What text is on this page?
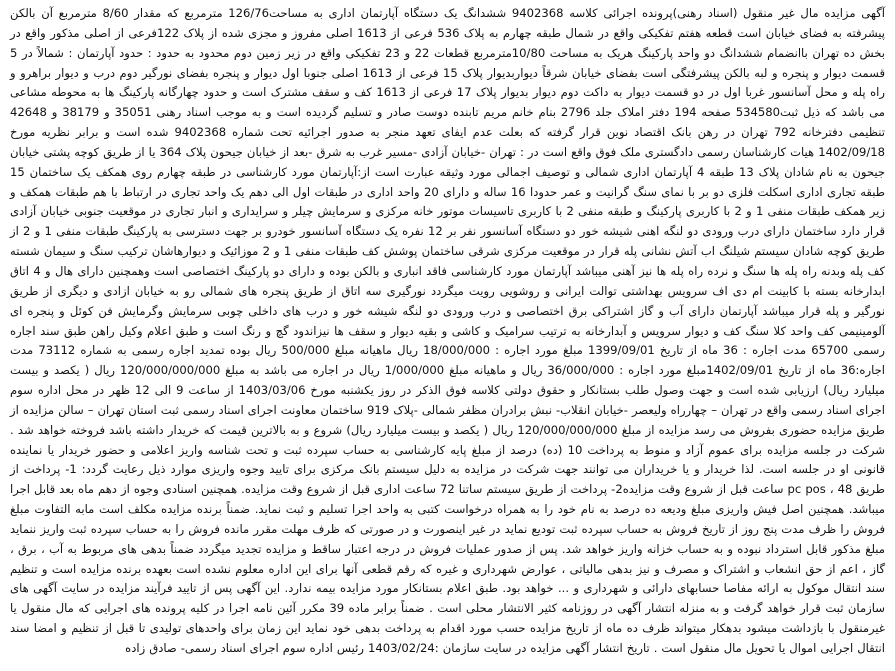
آگهی مزایده مال غیر منقول (اسناد رهنی)پرونده اجرائی کلاسه 9402368 ششدانگ یک دستگاه آپارتمان اداری به مساحت126/76 مترمربع که مقدار 8/60 مترمربع آن بالکن پیشرفته به فضای خیابان است قطعه هفتم تفکیکی واقع در شمال طبقه چهارم به پلاک 536 فرعی از 1613 اصلی مفروز و مجزی شده از پلاک 122فرعی از اصلی مذکور واقع در بخش ده تهران باانضمام ششدانگ دو واحد پارکینگ هریک به مساحت 10/80مترمربع قطعات 22 و 23 تفکیکی واقع در زیر زمین دوم محدود به حدود : حدود آپارتمان : شمالاً در 5 قسمت دیوار و پنجره و لبه بالکن پیشرفتگی است بفضای خیابان شرقاً دیواربدیوار پلاک 15 فرعی از 1613 اصلی جنوبا اول دیوار و پنجره بفضای نورگیر دوم درب و دیوار براهرو و راه پله و محل آسانسور غربا اول در دو قسمت دیوار به داکت دوم دیوار بدیوار پلاک 17 فرعی از 1613 کف و سقف مشترک است و حدود چهارگانه پارکینگ ها به محوطه مشاعی می باشد که ذیل ثبت534580 صفحه 194 دفتر املاک جلد 2796 بنام خانم مریم تابنده دوست صادر و تسلیم گردیده است و به موجب اسناد رهنی 35051 و 38179 و 42648 تنظیمی دفترخانه 792 تهران در رهن بانک اقتصاد نوین قرار گرفته که بعلت عدم ایفای تعهد منجر به صدور اجرائیه تحت شماره 9402368 شده است و برابر نظریه مورخ 1402/09/18 هیات کارشناسان رسمی دادگستری ملک فوق واقع است در : تهران -خیابان آزادی -مسیر غرب به شرق -بعد از خیابان جیحون پلاک 364 یا از طریق کوچه پشتی خیابان جیحون به نام شادان پلاک 13 طبقه 4 آپارتمان اداری شمالی و توصیف اجمالی مورد وثیقه عبارت است از:آپارتمان مورد کارشناسی در طبقه چهارم روی همکف یک ساختمان 15 طبقه تجاری اداری اسکلت فلزی دو بر با نمای سنگ گرانیت و عمر حدودا 16 ساله و دارای 20 واحد اداری در طبقات اول الی دهم یک واحد تجاری در ارتباط با هم طبقات همکف و زیر همکف طبقات منفی 1 و 2 با کاربری پارکینگ و طبقه منفی 2 با کاربری تاسیسات موتور خانه مرکزی و سرمایش چیلر و سرایداری و انبار تجاری در موقعیت جنوبی خیابان آزادی قرار دارد ساختمان دارای درب ورودی دو لنگه اهنی شیشه خور دو دستگاه آسانسور نفر بر 12 نفره یک دستگاه آسانسور خودرو بر جهت دسترسی به پارکینگ طبقات منفی 1 و 2 از طریق کوچه شادان سیستم شیلنگ اب آتش نشانی پله قرار در موقعیت مرکزی شرقی ساختمان پوشش کف طبقات منفی 1 و 2 موزائیک و دیوارهاشان ترکیب سنگ و سیمان شسته کف پله وبدنه راه پله ها سنگ و نرده راه پله ها نیز آهنی میباشد آپارتمان مورد کارشناسی فاقد انباری و بالکن بوده و دارای دو پارکینگ اختصاصی است وهمچنین دارای هال و 4 اتاق ابدارخانه بسته با کابینت ام دی اف سرویس بهداشتی توالت ایرانی و روشویی رویت میگردد نورگیری سه اتاق از طریق پنجره های شمالی رو به خیابان ازادی و دیگری از طریق نورگیر و پله قرار میباشد آپارتمان دارای آب و گاز اشتراکی برق اختصاصی و درب ورودی دو لنگه شیشه خور و درب های داخلی چوبی سرمایش وگرمایش فن کوئل و پنجره ای آلومینیمی کف واحد کلا سنگ کف و دیوار سرویس و آبدارخانه به ترتیب سرامیک و کاشی و بقیه دیوار و سقف ها نیزاندود گچ و رنگ است و طبق اعلام وکیل راهن طبق سند اجاره رسمی 65700 مدت اجاره : 36 ماه از تاریخ 1399/09/01 مبلغ مورد اجاره : 18/000/000 ریال ماهیانه مبلغ 500/000 ریال بوده تمدید اجاره رسمی به شماره 73112 مدت اجاره:36 ماه از تاریخ 1402/09/01مبلغ مورد اجاره : 36/000/000 ریال و ماهیانه مبلغ 1/000/000 ریال در اجاره می باشد به مبلغ 120/000/000/000 ریال ( یکصد و بیست میلیارد ریال) ارزیابی شده است و جهت وصول طلب بستانکار و حقوق دولتی کلاسه فوق الذکر در روز یکشنبه مورخ 1403/03/06 از ساعت 9 الی 12 ظهر در محل اداره سوم اجرای اسناد رسمی واقع در تهران – چهارراه ولیعصر -خیابان انقلاب- نبش برادران مظفر شمالی -پلاک 919 ساختمان معاونت اجرای اسناد رسمی ثبت استان تهران – سالن مزایده از طریق مزایده حضوری بفروش می رسد مزایده از مبلغ 120/000/000/000 ریال ( یکصد و بیست میلیارد ریال) شروع و به بالاترین قیمت که خریدار داشته باشد فروخته خواهد شد . شرکت در جلسه مزایده برای عموم آزاد و منوط به پرداخت 10 (ده) درصد از مبلغ پایه کارشناسی به حساب سپرده ثبت و تحت شناسه واریز اعلامی و حضور خریدار یا نماینده قانونی او در جلسه است. لذا خریدار و یا خریداران می توانند جهت شرکت در مزایده به دلیل سیستم بانک مرکزی برای تایید وجوه واریزی موارد ذیل رعایت گردد: 1- پرداخت از طریق pc pos ، 48 ساعت قبل از شروع وقت مزایده2- پرداخت از طریق سیستم ساتنا 72 ساعت اداری قبل از شروع وقت مزایده. همچنین اسنادی وجوه از دهم ماه بعد قابل اجرا میباشد. همچنین اصل فیش واریزی مبلغ ودیعه ده درصد به نام خود را به همراه درخواست کتبی به واحد اجرا تسلیم و ثبت نماید. ضمناً برنده مزایده مکلف است مابه التفاوت مبلغ فروش را ظرف مدت پنج روز از تاریخ فروش به حساب سپرده ثبت تودیع نماید در غیر اینصورت و در صورتی که ظرف مهلت مقرر مانده فروش را به حساب سپرده ثبت واریز ننماید مبلغ مذکور قابل استرداد نبوده و به حساب خزانه واریز خواهد شد. پس از صدور عملیات فروش در درجه اعتبار ساقط و مزایده تجدید میگردد ضمناً بدهی های مربوط به آب ، برق ، گاز ، اعم از حق انشعاب و اشتراک و مصرف و نیز بدهی مالیاتی ، عوارض شهرداری و غیره که رقم قطعی آنها برای این اداره معلوم نشده است بعهده برنده مزایده است و تنظیم سند انتقال موکول به ارائه مفاصا حسابهای دارائی و شهرداری و ... خواهد بود. طبق اعلام بستانکار مورد مزایده بیمه ندارد. این آگهی پس از تایید فرآیند مزایده در سایت آگهی های سازمان ثبت قرار خواهد گرفت و به منزله انتشار آگهی در روزنامه کثیر الانتشار محلی است . ضمناً برابر ماده 39 مکرر آئین نامه اجرا در کلیه پرونده های اجرایی که مال منقول یا غیرمنقول با بازداشت میشود بدهکار میتواند ظرف ده ماه از تاریخ مزایده حسب مورد اقدام به پرداخت بدهی خود نماید این زمان برای واحدهای تولیدی تا قبل از تنظیم و امضا سند انتقال اجرایی اموال یا تحویل مال منقول است . تاریخ انتشار آگهی مزایده در سایت سازمان :1403/02/24 رئیس اداره سوم اجرای اسناد رسمی- صادق زاده
